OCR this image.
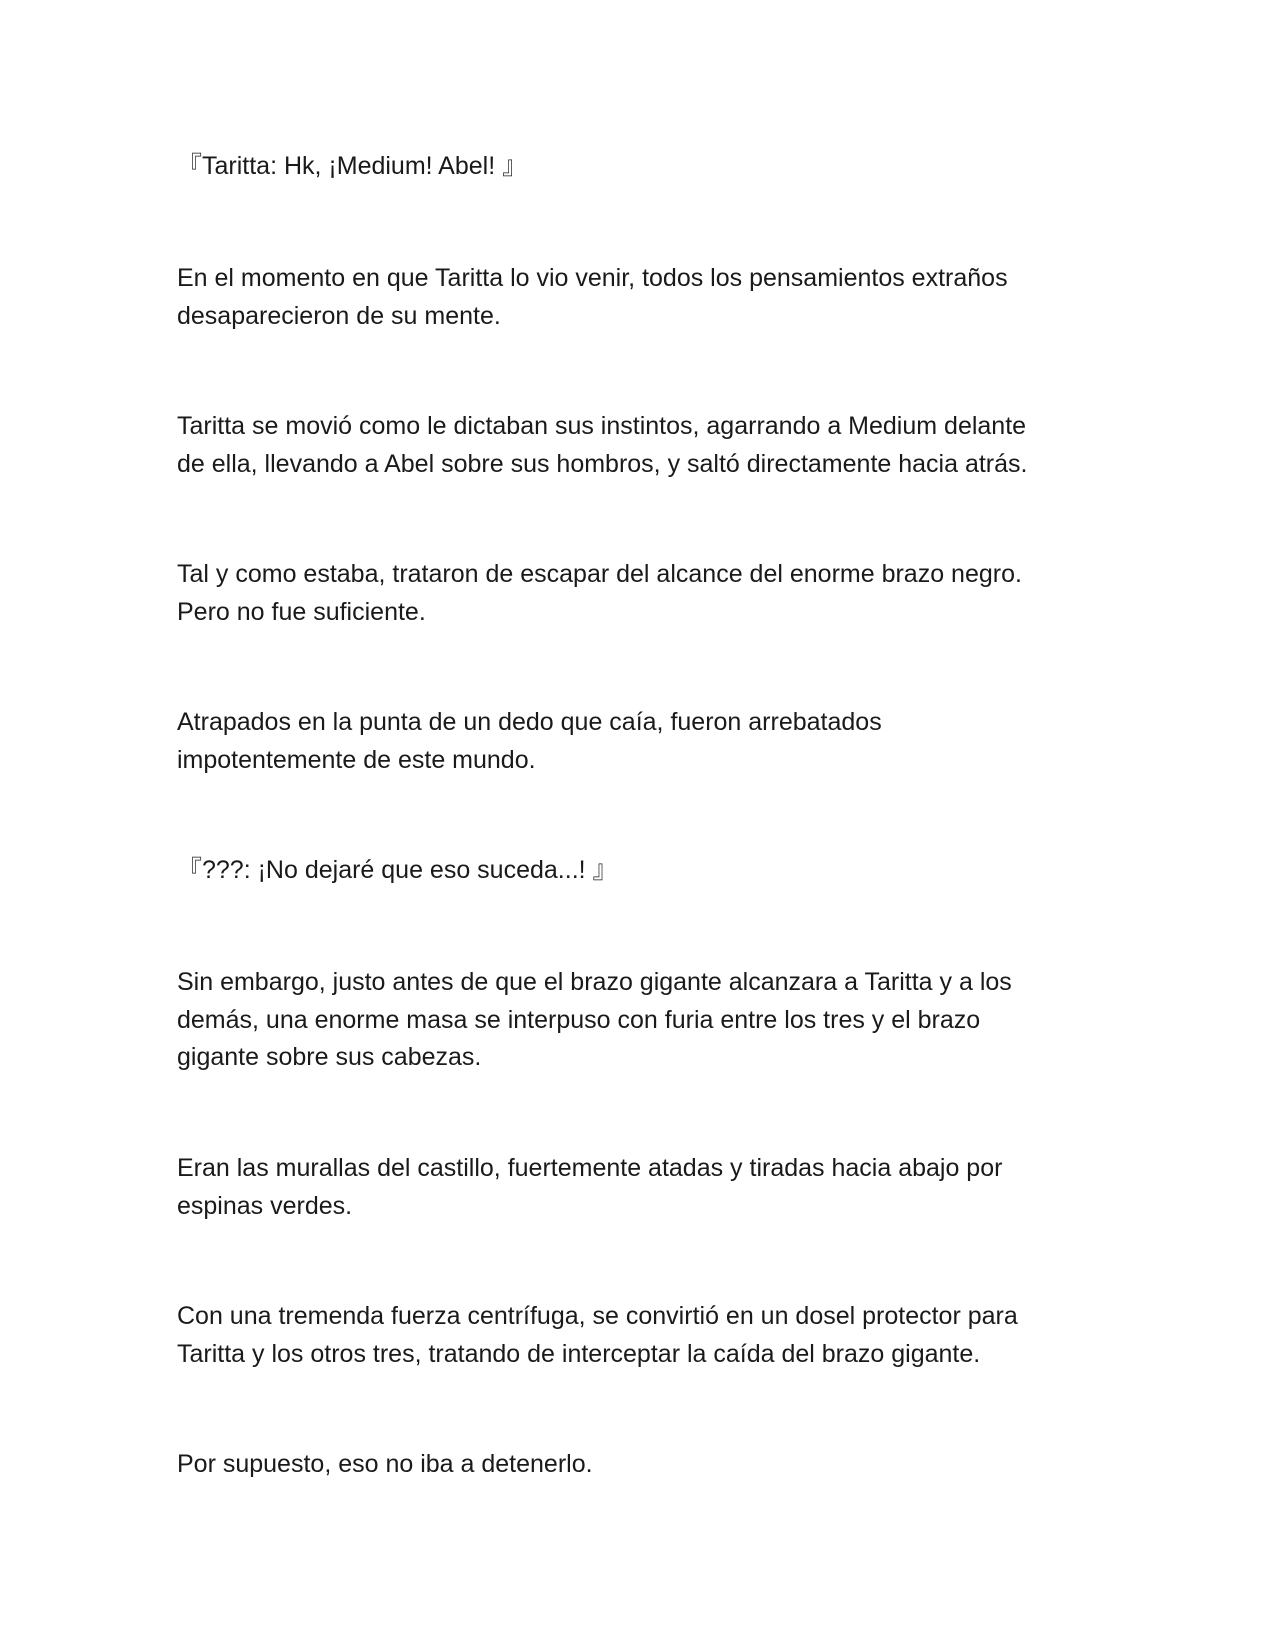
『Taritta: Hk, ¡Medium! Abel! 』

En el momento en que Taritta lo vio venir, todos los pensamientos extraños
desaparecieron de su mente.

Taritta se movió como le dictaban sus instintos, agarrando a Medium delante
de ella, llevando a Abel sobre sus hombros, y saltó directamente hacia atrás.

Tal y como estaba, trataron de escapar del alcance del enorme brazo negro.
Pero no fue suficiente.

Atrapados en la punta de un dedo que caía, fueron arrebatados
impotentemente de este mundo.

『???: ¡No dejaré que eso suceda...! 』

Sin embargo, justo antes de que el brazo gigante alcanzara a Taritta y a los
demás, una enorme masa se interpuso con furia entre los tres y el brazo
gigante sobre sus cabezas.

Eran las murallas del castillo, fuertemente atadas y tiradas hacia abajo por
espinas verdes.

Con una tremenda fuerza centrífuga, se convirtió en un dosel protector para
Taritta y los otros tres, tratando de interceptar la caída del brazo gigante.

Por supuesto, eso no iba a detenerlo.
